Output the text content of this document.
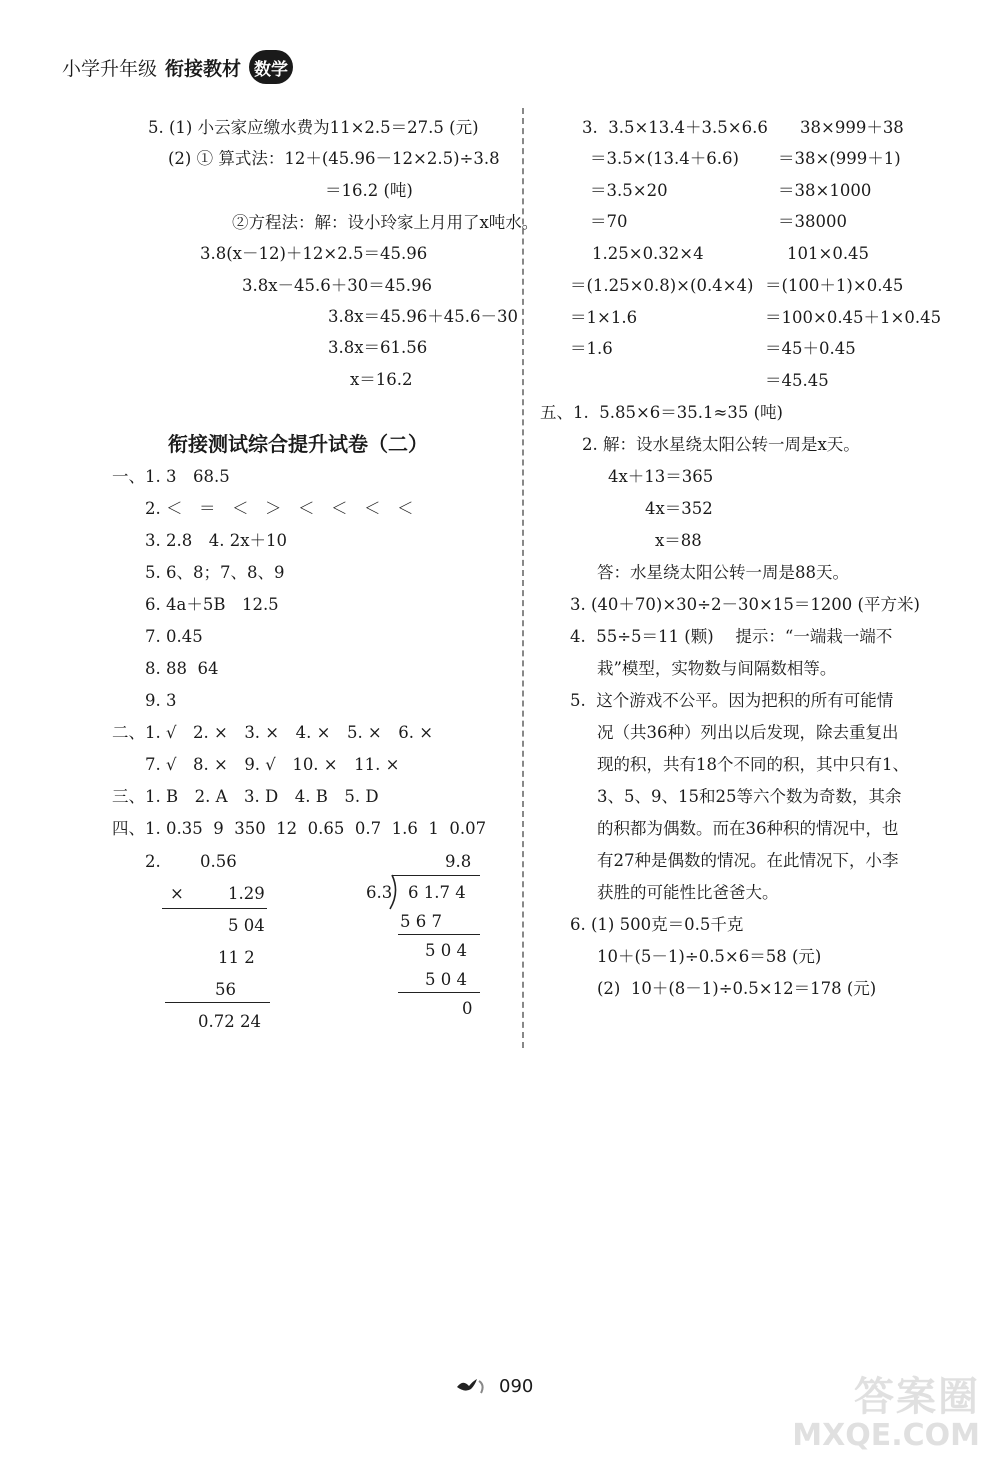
小学升年级 衔接教材 数学
5. (1) 小云家应缴水费为11×2.5＝27.5 (元)
(2) ① 算式法：12＋(45.96－12×2.5)÷3.8
＝16.2 (吨)
②方程法：解：设小玲家上月用了x吨水。
3.8(x－12)＋12×2.5＝45.96
3.8x－45.6＋30＝45.96
3.8x＝45.96＋45.6－30
3.8x＝61.56
x＝16.2
衔接测试综合提升试卷（二）
一、1. 3　68.5
2. ＜　＝　＜　＞　＜　＜　＜　＜
3. 2.8　4. 2x＋10
5. 6、8；7、8、9
6. 4a＋5B　12.5
7. 0.45
8. 88  64
9. 3
二、1. √　2. ×　3. ×　4. ×　5. ×　6. ×
7. √　8. ×　9. √　10. ×　11. ×
三、1. B　2. A　3. D　4. B　5. D
四、1. 0.35  9  350  12  0.65  0.7  1.6  1  0.07
2. 0.56
×	1.29
5 04
11 2
56
0.72 24
9.8
6.3 6 1.7 4
5 6 7
5 0 4
5 0 4
0
3.  3.5×13.4＋3.5×6.6 38×999＋38
＝3.5×(13.4＋6.6) ＝38×(999＋1)
＝3.5×20	＝38×1000
＝70	＝38000
1.25×0.32×4	101×0.45
＝(1.25×0.8)×(0.4×4) ＝(100＋1)×0.45
＝1×1.6	＝100×0.45＋1×0.45
＝1.6	＝45＋0.45
＝45.45
五、1.  5.85×6＝35.1≈35 (吨)
2. 解：设水星绕太阳公转一周是x天。
4x＋13＝365
4x＝352
x＝88
答：水星绕太阳公转一周是88天。
3. (40＋70)×30÷2－30×15＝1200 (平方米)
4.  55÷5＝11 (颗)　 提示：“一端栽一端不
栽”模型，实物数与间隔数相等。
5.  这个游戏不公平。因为把积的所有可能情
况（共36种）列出以后发现，除去重复出
现的积，共有18个不同的积，其中只有1、
3、5、9、15和25等六个数为奇数，其余
的积都为偶数。而在36种积的情况中，也
有27种是偶数的情况。在此情况下，小李
获胜的可能性比爸爸大。
6. (1) 500克＝0.5千克
10＋(5－1)÷0.5×6＝58 (元)
(2)  10＋(8－1)÷0.5×12＝178 (元)
090	答案圈
MXQE.COM
